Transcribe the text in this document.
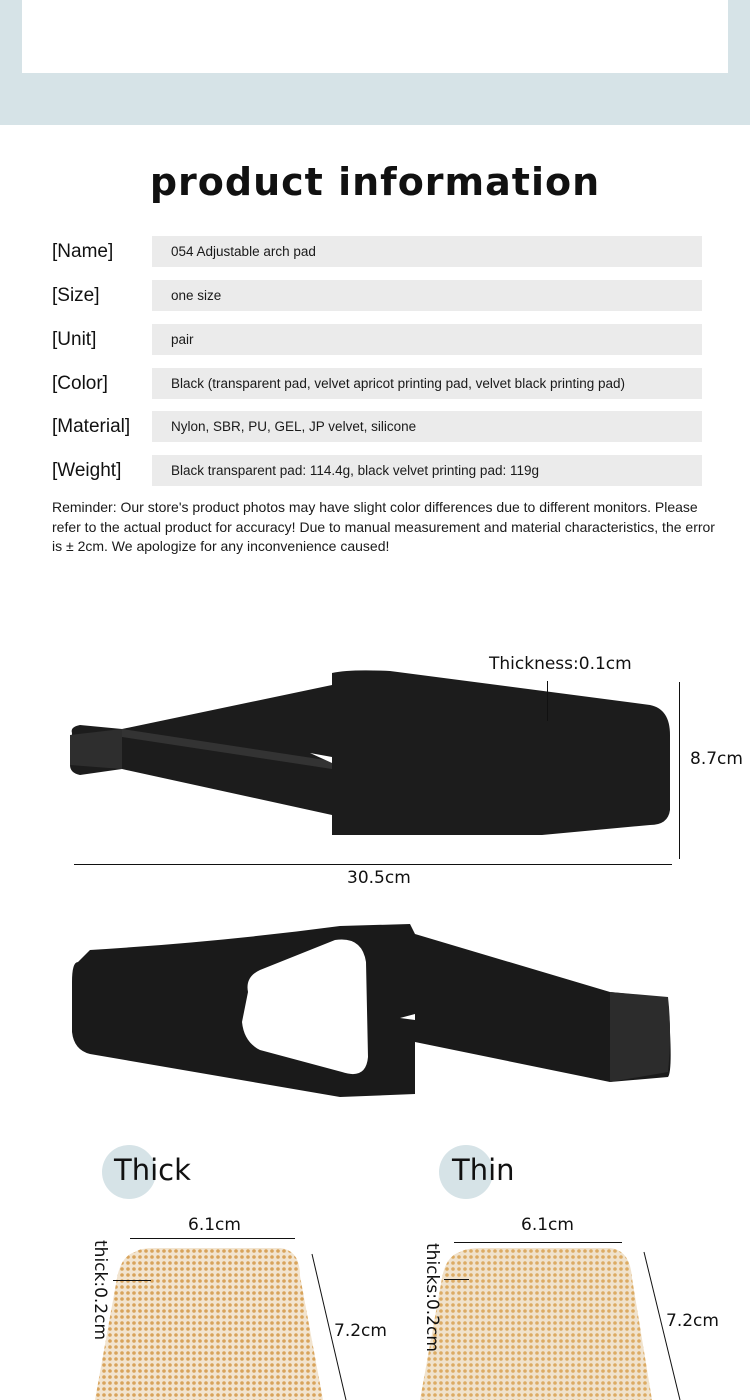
product information
[Name]	054 Adjustable arch pad
[Size]	one size
[Unit]	pair
[Color]	Black (transparent pad, velvet apricot printing pad, velvet black printing pad)
[Material]	Nylon, SBR, PU, GEL, JP velvet, silicone
[Weight]	Black transparent pad: 114.4g, black velvet printing pad: 119g

Reminder: Our store's product photos may have slight color differences due to different monitors. Please refer to the actual product for accuracy! Due to manual measurement and material characteristics, the error is ± 2cm. We apologize for any inconvenience caused!

Thickness:0.1cm
8.7cm
30.5cm
Thick
6.1cm
thick:0.2cm	7.2cm
Thin
6.1cm
thicks:0.2cm	7.2cm
